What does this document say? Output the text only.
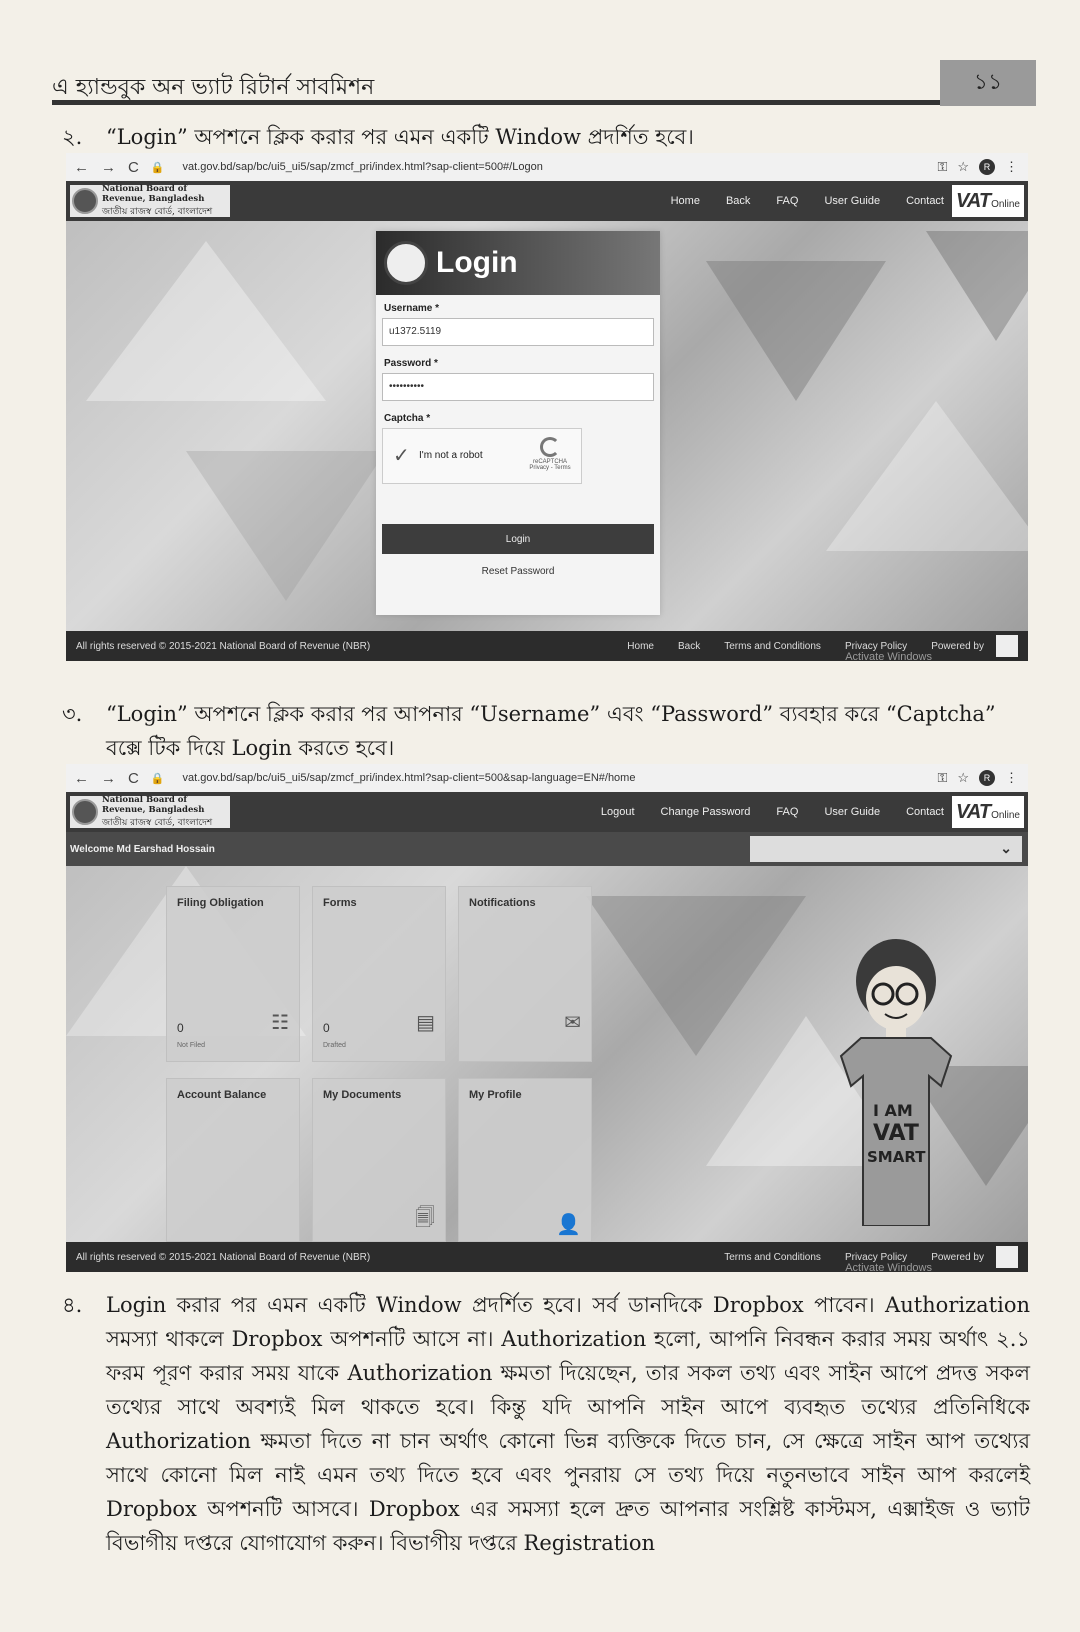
এ হ্যান্ডবুক অন ভ্যাট রিটার্ন সাবমিশন	১১
২. “Login” অপশনে ক্লিক করার পর এমন একটি Window প্রদর্শিত হবে।
← → C 🔒 vat.gov.bd/sap/bc/ui5_ui5/sap/zmcf_pri/index.html?sap-client=500#/Logon	⚿ ☆	R	⋮
National Board of Revenue, Bangladesh
জাতীয় রাজস্ব বোর্ড, বাংলাদেশ
Home Back FAQ User Guide Contact VAT Online
Login
Username *
u1372.5119
Password *
••••••••••
Captcha *
✓ I'm not a robot
reCAPTCHA
Privacy - Terms
Login
Reset Password
All rights reserved © 2015-2021 National Board of Revenue (NBR)	Home Back Terms and Conditions Privacy Policy Powered by
Activate Windows
৩. “Login” অপশনে ক্লিক করার পর আপনার “Username” এবং “Password” ব্যবহার করে “Captcha” বক্সে টিক দিয়ে Login করতে হবে।
← → C 🔒 vat.gov.bd/sap/bc/ui5_ui5/sap/zmcf_pri/index.html?sap-client=500&sap-language=EN#/home	⚿ ☆	R	⋮
National Board of Revenue, Bangladesh
জাতীয় রাজস্ব বোর্ড, বাংলাদেশ
Logout Change Password FAQ User Guide Contact VAT Online
Welcome Md Earshad Hossain	⌄
Filing Obligation
0
Not Filed
☷
Forms
0
Drafted
▤
Notifications
✉
Account Balance	My Documents
🗐
My Profile
👤
I AM
VAT
SMART
All rights reserved © 2015-2021 National Board of Revenue (NBR)	Terms and Conditions Privacy Policy Powered by
Activate Windows
৪. Login করার পর এমন একটি Window প্রদর্শিত হবে। সর্ব ডানদিকে Dropbox পাবেন। Authorization সমস্যা থাকলে Dropbox অপশনটি আসে না। Authorization হলো, আপনি নিবন্ধন করার সময় অর্থাৎ ২.১ ফরম পূরণ করার সময় যাকে Authorization ক্ষমতা দিয়েছেন, তার সকল তথ্য এবং সাইন আপে প্রদত্ত সকল তথ্যের সাথে অবশ্যই মিল থাকতে হবে। কিন্তু যদি আপনি সাইন আপে ব্যবহৃত তথ্যের প্রতিনিধিকে Authorization ক্ষমতা দিতে না চান অর্থাৎ কোনো ভিন্ন ব্যক্তিকে দিতে চান, সে ক্ষেত্রে সাইন আপ তথ্যের সাথে কোনো মিল নাই এমন তথ্য দিতে হবে এবং পুনরায় সে তথ্য দিয়ে নতুনভাবে সাইন আপ করলেই Dropbox অপশনটি আসবে। Dropbox এর সমস্যা হলে দ্রুত আপনার সংশ্লিষ্ট কাস্টমস, এক্সাইজ ও ভ্যাট বিভাগীয় দপ্তরে যোগাযোগ করুন। বিভাগীয় দপ্তরে Registration
